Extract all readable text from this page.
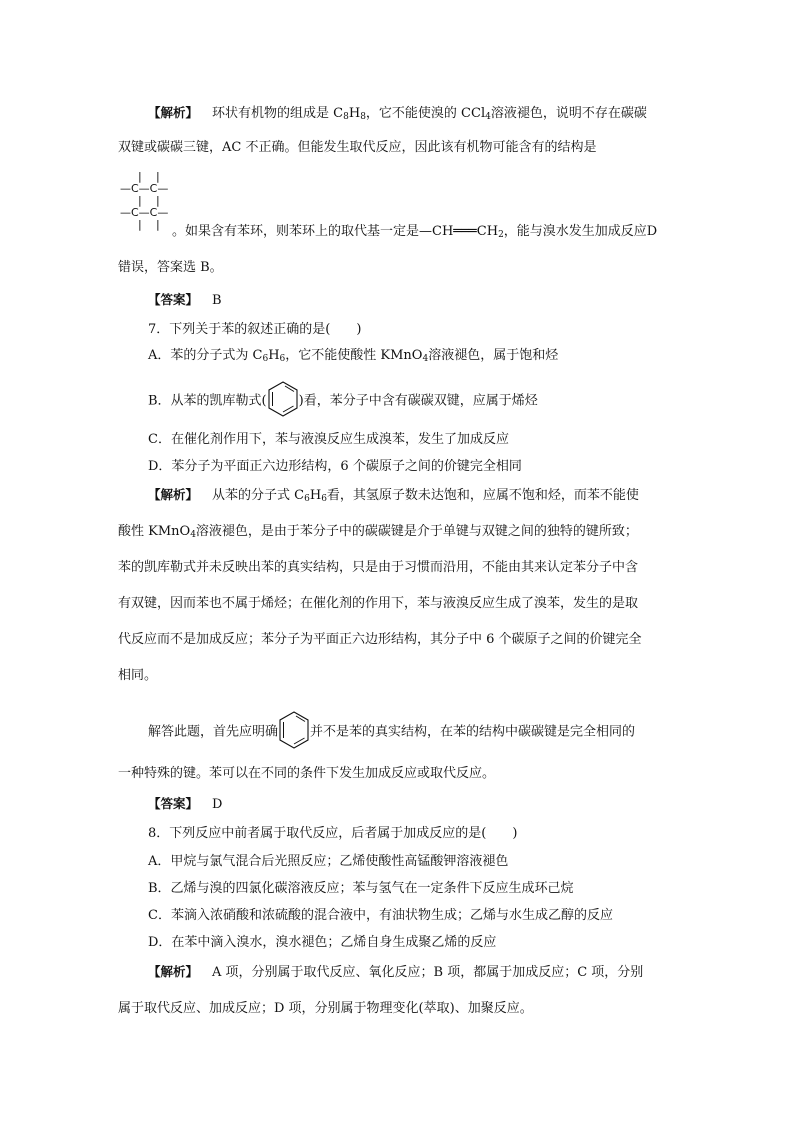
【解析】 环状有机物的组成是 $C_8H_8$，它不能使溴的 CCl$_4$溶液褪色，说明不存在碳碳
双键或碳碳三键，AC 不正确。但能发生取代反应，因此该有机物可能含有的结构是
| |
—C—C—
| |
—C—C—
| | 。如果含有苯环，则苯环上的取代基一定是$—CH═══CH_2$，能与溴水发生加成反应D
错误，答案选 B。
【答案】 B
7．下列关于苯的叙述正确的是(　　)
A．苯的分子式为 $C_6H_6$，它不能使酸性 KMnO$_4$溶液褪色，属于饱和烃
B．从苯的凯库勒式( )看，苯分子中含有碳碳双键，应属于烯烃
C．在催化剂作用下，苯与液溴反应生成溴苯，发生了加成反应
D．苯分子为平面正六边形结构，6 个碳原子之间的价键完全相同
【解析】 从苯的分子式 $C_6H_6$看，其氢原子数未达饱和，应属不饱和烃，而苯不能使
酸性 KMnO$_4$溶液褪色，是由于苯分子中的碳碳键是介于单键与双键之间的独特的键所致；
苯的凯库勒式并未反映出苯的真实结构，只是由于习惯而沿用，不能由其来认定苯分子中含
有双键，因而苯也不属于烯烃；在催化剂的作用下，苯与液溴反应生成了溴苯，发生的是取
代反应而不是加成反应；苯分子为平面正六边形结构，其分子中 6 个碳原子之间的价键完全
相同。
解答此题，首先应明确 并不是苯的真实结构，在苯的结构中碳碳键是完全相同的
一种特殊的键。苯可以在不同的条件下发生加成反应或取代反应。
【答案】 D
8．下列反应中前者属于取代反应，后者属于加成反应的是(　　)
A．甲烷与氯气混合后光照反应；乙烯使酸性高锰酸钾溶液褪色
B．乙烯与溴的四氯化碳溶液反应；苯与氢气在一定条件下反应生成环己烷
C．苯滴入浓硝酸和浓硫酸的混合液中，有油状物生成；乙烯与水生成乙醇的反应
D．在苯中滴入溴水，溴水褪色；乙烯自身生成聚乙烯的反应
【解析】 A 项，分别属于取代反应、氧化反应；B 项，都属于加成反应；C 项，分别
属于取代反应、加成反应；D 项，分别属于物理变化(萃取)、加聚反应。
